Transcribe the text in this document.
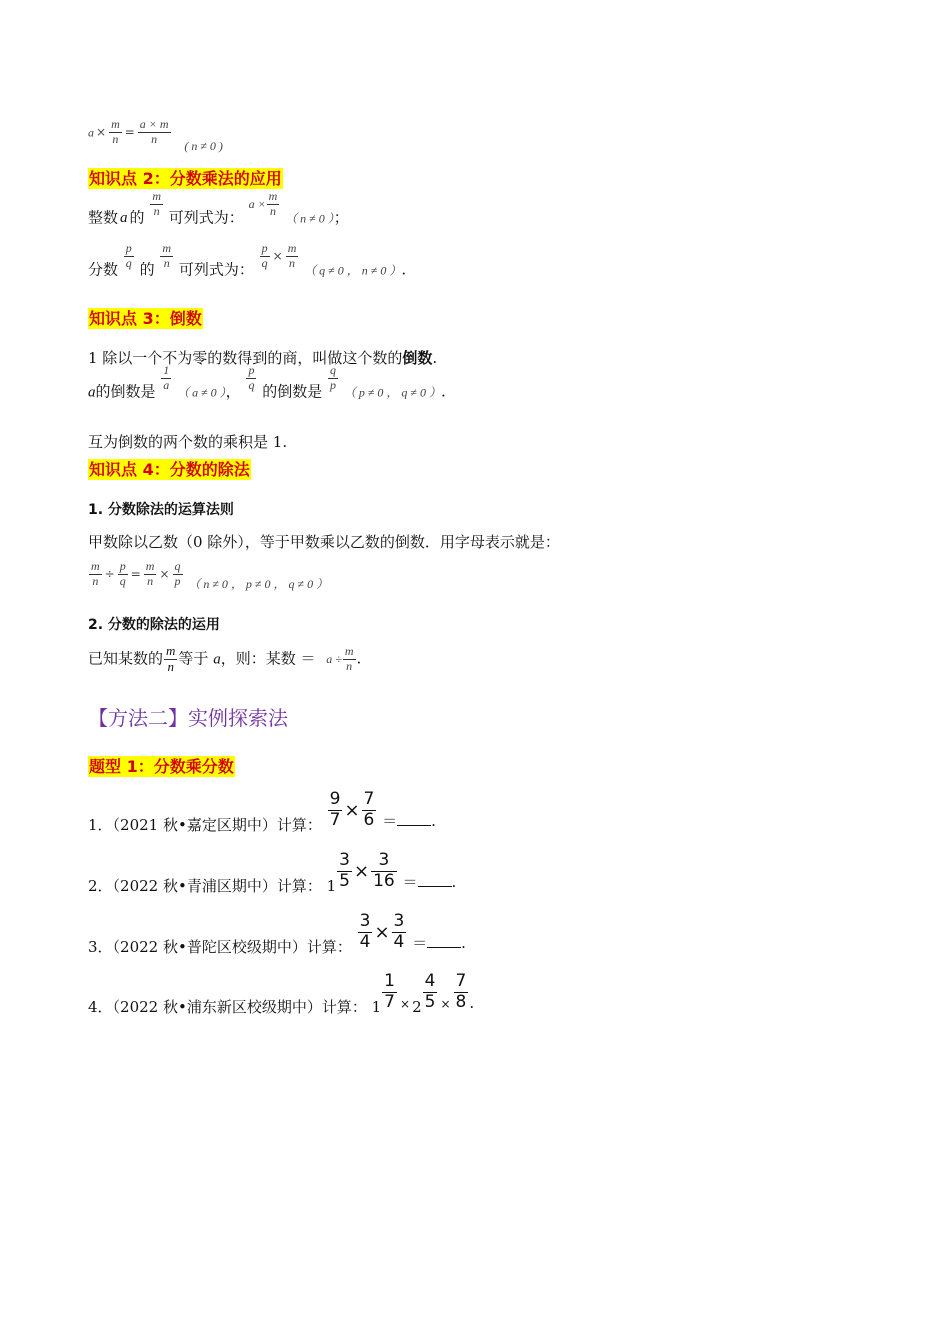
$a \times \frac{m}{n} = \frac{a \times m}{n} _{( n \ne 0 )}$
知识点 2：分数乘法的应用
整数 a 的 $\frac{m}{n}$ 可列式为： $^{a \times} \frac{m}{n}$ （ n ≠ 0 ）；
分数 $\frac{p}{q}$ 的 $\frac{m}{n}$ 可列式为： $\frac{p}{q} ^\times \frac{m}{n}$ （ q ≠ 0 ， n ≠ 0 ）.
知识点 3：倒数
1 除以一个不为零的数得到的商，叫做这个数的倒数.
a的倒数是 $\frac{1}{a}$ （ a ≠ 0 ）， $\frac{p}{q}$ 的倒数是 $\frac{q}{p}$ （ p ≠ 0 ， q ≠ 0 ）.
互为倒数的两个数的乘积是 1.
知识点 4：分数的除法
1. 分数除法的运算法则
甲数除以乙数（0 除外），等于甲数乘以乙数的倒数．用字母表示就是：
$\frac{m}{n} \div \frac{p}{q} = \frac{m}{n} \times \frac{q}{p} _{( n \ne 0 , p \ne 0 , q \ne 0 )}$
2. 分数的除法的运用
已知某数的 $\frac{m}{n}$ 等于 a，则：某数 ＝ $a \div \frac{m}{n}$ .
【方法二】实例探索法
题型 1：分数乘分数
1．（2021 秋•嘉定区期中）计算： $\frac{9}{7} \times \frac{7}{6}$ ＝ .
2．（2022 秋•青浦区期中）计算： $1 \frac{3}{5} \times \frac{3}{16}$ ＝ .
3．（2022 秋•普陀区校级期中）计算： $\frac{3}{4} \times \frac{3}{4}$ ＝ .
4．（2022 秋•浦东新区校级期中）计算： $1 \frac{1}{7} _\times$ $2 \frac{4}{5} _\times \frac{7}{8}$ .
